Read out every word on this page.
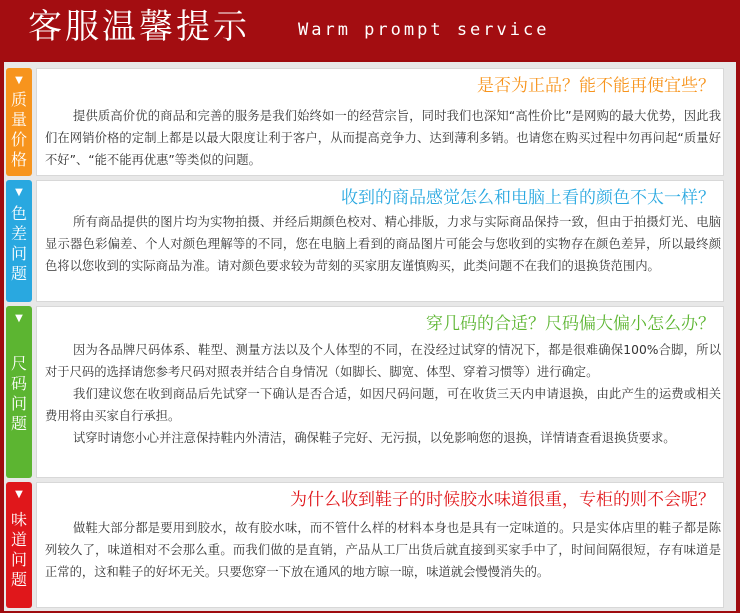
客服温馨提示	Warm prompt service
▼
质
量
价
格
是否为正品？能不能再便宜些？
提供质高价优的商品和完善的服务是我们始终如一的经营宗旨，同时我们也深知“高性价比”是网购的最大优势，因此我们在网销价格的定制上都是以最大限度让利于客户，从而提高竞争力、达到薄利多销。也请您在购买过程中勿再问起“质量好不好”、“能不能再优惠”等类似的问题。
▼
色
差
问
题
收到的商品感觉怎么和电脑上看的颜色不太一样？
所有商品提供的图片均为实物拍摄、并经后期颜色校对、精心排版，力求与实际商品保持一致，但由于拍摄灯光、电脑显示器色彩偏差、个人对颜色理解等的不同，您在电脑上看到的商品图片可能会与您收到的实物存在颜色差异，所以最终颜色将以您收到的实际商品为准。请对颜色要求较为苛刻的买家朋友谨慎购买，此类问题不在我们的退换货范围内。
▼
尺
码
问
题
穿几码的合适？尺码偏大偏小怎么办？
因为各品牌尺码体系、鞋型、测量方法以及个人体型的不同，在没经过试穿的情况下，都是很难确保100%合脚，所以对于尺码的选择请您参考尺码对照表并结合自身情况（如脚长、脚宽、体型、穿着习惯等）进行确定。
我们建议您在收到商品后先试穿一下确认是否合适，如因尺码问题，可在收货三天内申请退换，由此产生的运费或相关费用将由买家自行承担。
试穿时请您小心并注意保持鞋内外清洁，确保鞋子完好、无污损，以免影响您的退换，详情请查看退换货要求。
▼
味
道
问
题
为什么收到鞋子的时候胶水味道很重，专柜的则不会呢？
做鞋大部分都是要用到胶水，故有胶水味，而不管什么样的材料本身也是具有一定味道的。只是实体店里的鞋子都是陈列较久了，味道相对不会那么重。而我们做的是直销，产品从工厂出货后就直接到买家手中了，时间间隔很短，存有味道是正常的，这和鞋子的好坏无关。只要您穿一下放在通风的地方晾一晾，味道就会慢慢消失的。
